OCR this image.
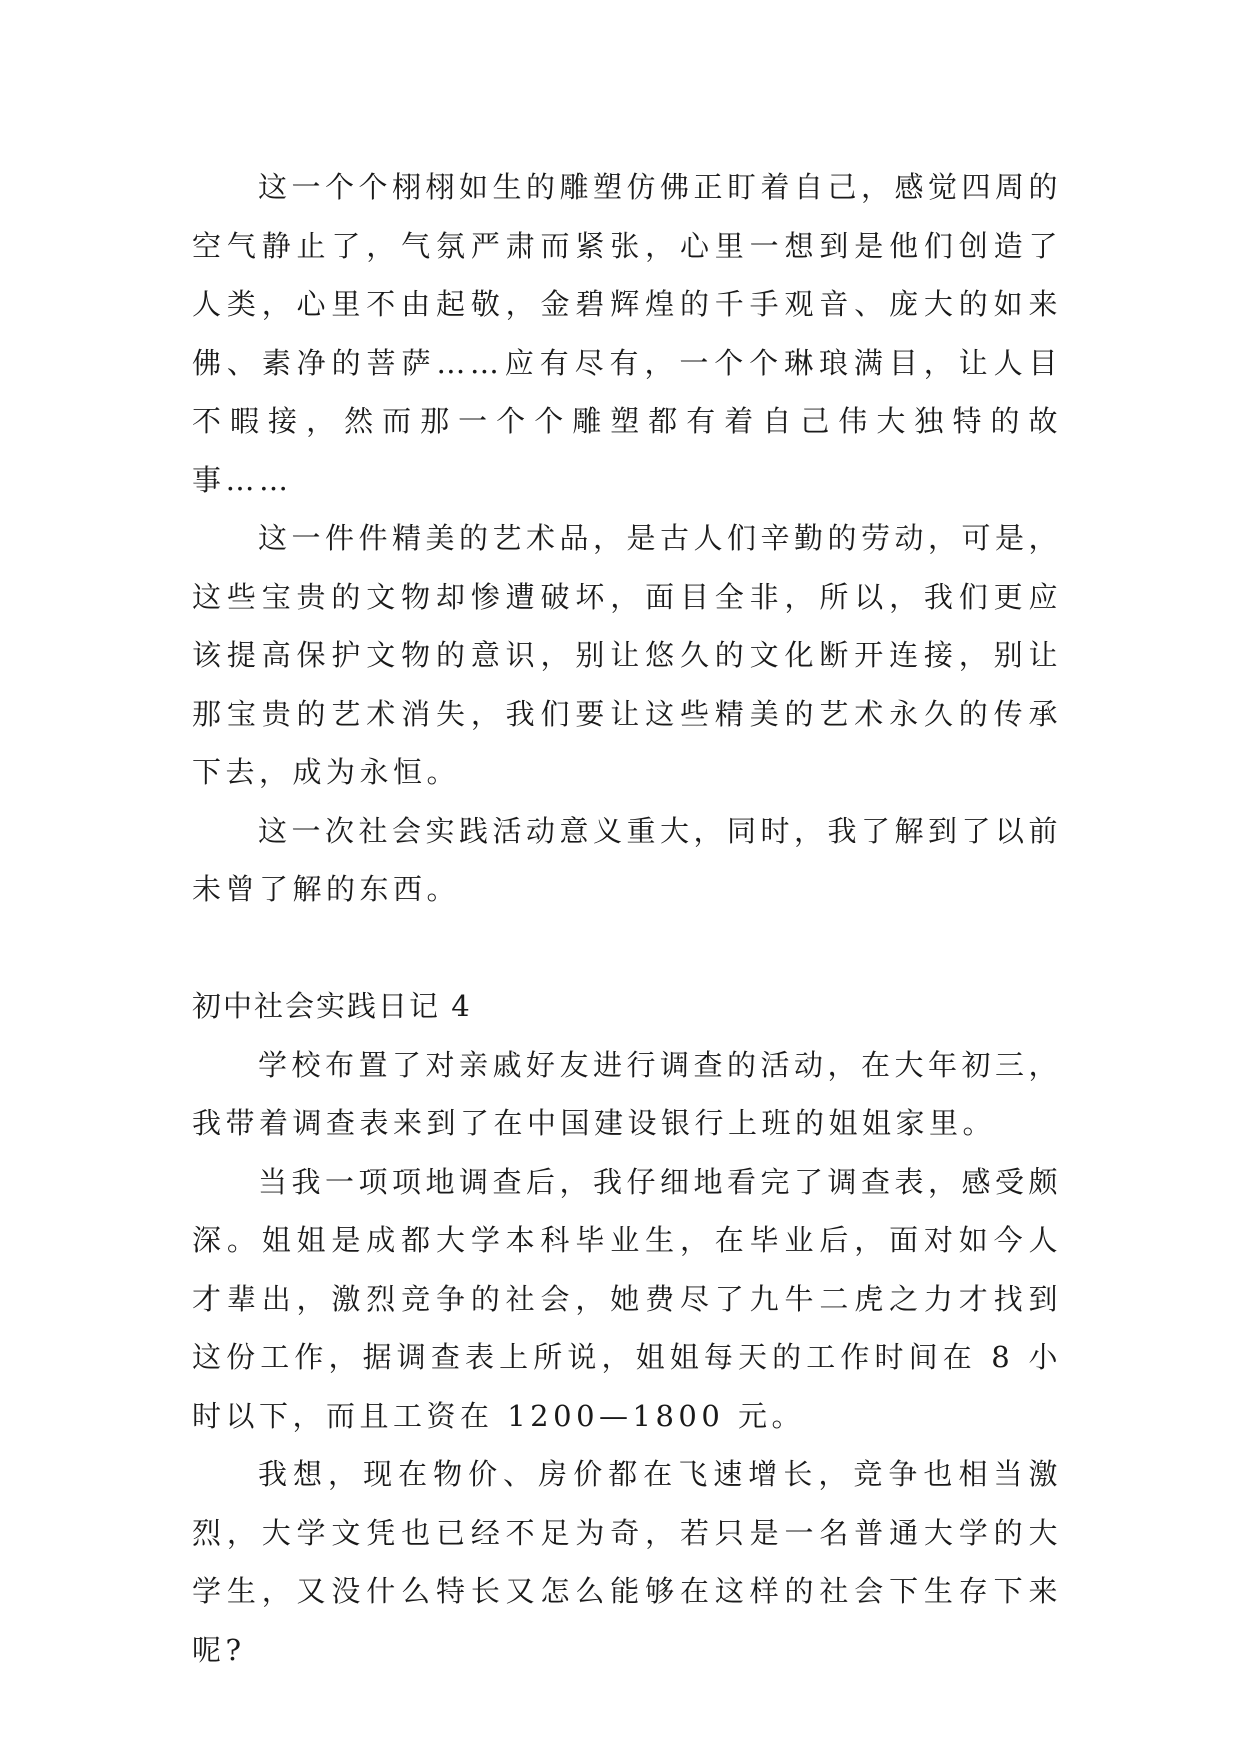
这一个个栩栩如生的雕塑仿佛正盯着自己，感觉四周的空气静止了，气氛严肃而紧张，心里一想到是他们创造了人类，心里不由起敬，金碧辉煌的千手观音、庞大的如来佛、素净的菩萨……应有尽有，一个个琳琅满目，让人目不暇接，然而那一个个雕塑都有着自己伟大独特的故事……

这一件件精美的艺术品，是古人们辛勤的劳动，可是，这些宝贵的文物却惨遭破坏，面目全非，所以，我们更应该提高保护文物的意识，别让悠久的文化断开连接，别让那宝贵的艺术消失，我们要让这些精美的艺术永久的传承下去，成为永恒。

这一次社会实践活动意义重大，同时，我了解到了以前未曾了解的东西。

初中社会实践日记 4

学校布置了对亲戚好友进行调查的活动，在大年初三，我带着调查表来到了在中国建设银行上班的姐姐家里。

当我一项项地调查后，我仔细地看完了调查表，感受颇深。姐姐是成都大学本科毕业生，在毕业后，面对如今人才辈出，激烈竞争的社会，她费尽了九牛二虎之力才找到这份工作，据调查表上所说，姐姐每天的工作时间在 8 小时以下，而且工资在 1200—1800 元。

我想，现在物价、房价都在飞速增长，竞争也相当激烈，大学文凭也已经不足为奇，若只是一名普通大学的大学生，又没什么特长又怎么能够在这样的社会下生存下来呢?
